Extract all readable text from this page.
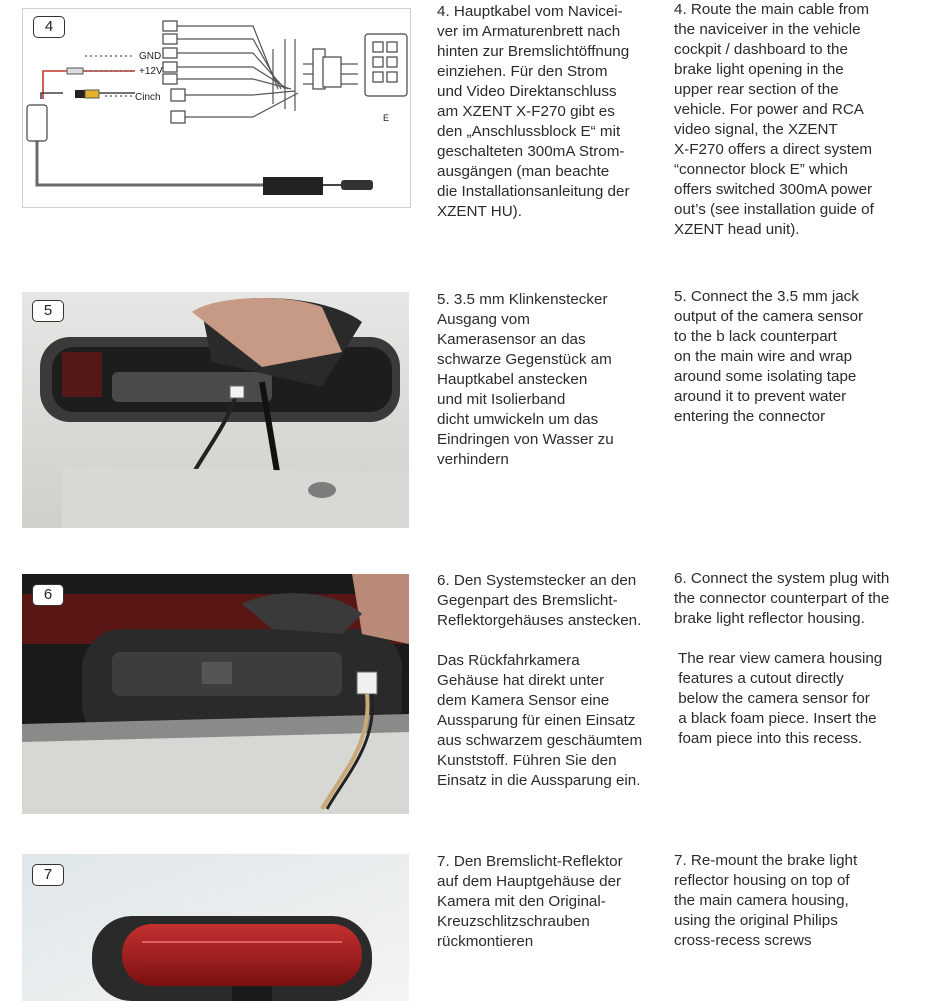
4
GND
+12V
Cinch
E
4. Hauptkabel vom Navicei-
ver im Armaturenbrett nach
hinten zur Bremslichtöffnung
einziehen. Für den Strom
und Video Direktanschluss
am XZENT X-F270 gibt es
den „Anschlussblock E“ mit
geschalteten 300mA Strom-
ausgängen (man beachte
die Installationsanleitung der
XZENT HU).
4. Route the main cable from
the naviceiver in the vehicle
cockpit / dashboard to the
brake light opening in the
upper rear section of the
vehicle. For power and RCA
video signal, the XZENT
X-F270 offers a direct system
“connector block E” which
offers switched 300mA power
out’s (see installation guide of
XZENT head unit).
5
5. 3.5 mm Klinkenstecker
Ausgang vom
Kamerasensor an das
schwarze Gegenstück am
Hauptkabel anstecken
und mit Isolierband
dicht umwickeln um das
Eindringen von Wasser zu
verhindern
5. Connect the 3.5 mm jack
output of the camera sensor
to the b lack counterpart
on the main wire and wrap
around some isolating tape
around it to prevent water
entering the connector
6
6. Den Systemstecker an den
Gegenpart des Bremslicht-
Reflektorgehäuses anstecken.

Das Rückfahrkamera
Gehäuse hat direkt unter
dem Kamera Sensor eine
Aussparung für einen Einsatz
aus schwarzem geschäumtem
Kunststoff. Führen Sie den
Einsatz in die Aussparung ein.
6. Connect the system plug with
the connector counterpart of the
brake light reflector housing.

The rear view camera housing
features a cutout directly
below the camera sensor for
a black foam piece. Insert the
foam piece into this recess.
7
7. Den Bremslicht-Reflektor
auf dem Hauptgehäuse der
Kamera mit den Original-
Kreuzschlitzschrauben
rückmontieren
7. Re-mount the brake light
reflector housing on top of
the main camera housing,
using the original Philips
cross-recess screws
